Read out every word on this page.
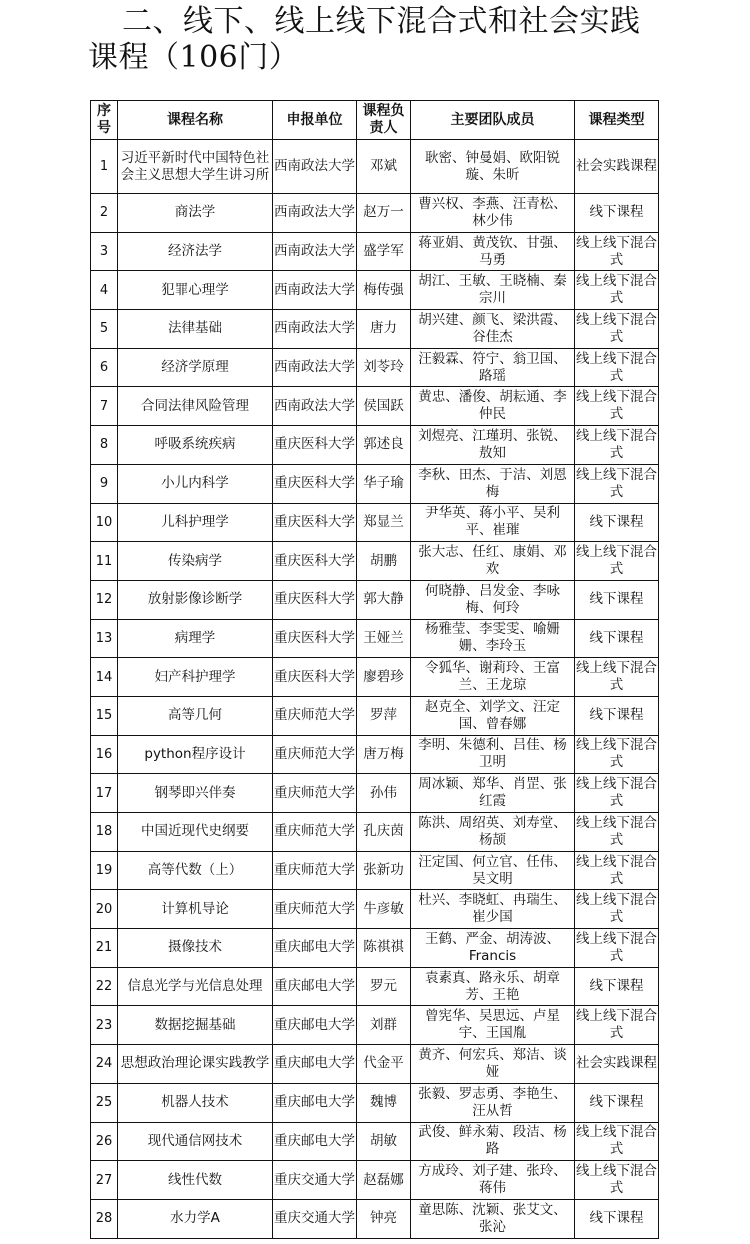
二、线下、线上线下混合式和社会实践
课程（106门）
序号	课程名称	申报单位	课程负责人	主要团队成员	课程类型
1	习近平新时代中国特色社会主义思想大学生讲习所	西南政法大学	邓斌	耿密、钟曼娟、欧阳锐璇、朱昕	社会实践课程
2	商法学	西南政法大学	赵万一	曹兴权、李燕、汪青松、林少伟	线下课程
3	经济法学	西南政法大学	盛学军	蒋亚娟、黄茂钦、甘强、马勇	线上线下混合式
4	犯罪心理学	西南政法大学	梅传强	胡江、王敏、王晓楠、秦宗川	线上线下混合式
5	法律基础	西南政法大学	唐力	胡兴建、颜飞、梁洪霞、谷佳杰	线上线下混合式
6	经济学原理	西南政法大学	刘苓玲	汪毅霖、符宁、翁卫国、路瑶	线上线下混合式
7	合同法律风险管理	西南政法大学	侯国跃	黄忠、潘俊、胡耘通、李仲民	线上线下混合式
8	呼吸系统疾病	重庆医科大学	郭述良	刘煜亮、江瑾玥、张锐、敖知	线上线下混合式
9	小儿内科学	重庆医科大学	华子瑜	李秋、田杰、于洁、刘恩梅	线上线下混合式
10	儿科护理学	重庆医科大学	郑显兰	尹华英、蒋小平、吴利平、崔璀	线下课程
11	传染病学	重庆医科大学	胡鹏	张大志、任红、康娟、邓欢	线上线下混合式
12	放射影像诊断学	重庆医科大学	郭大静	何晓静、吕发金、李咏梅、何玲	线下课程
13	病理学	重庆医科大学	王娅兰	杨雅莹、李雯雯、喻姗姗、李玲玉	线下课程
14	妇产科护理学	重庆医科大学	廖碧珍	令狐华、谢莉玲、王富兰、王龙琼	线上线下混合式
15	高等几何	重庆师范大学	罗萍	赵克全、刘学文、汪定国、曾春娜	线下课程
16	python程序设计	重庆师范大学	唐万梅	李明、朱德利、吕佳、杨卫明	线上线下混合式
17	钢琴即兴伴奏	重庆师范大学	孙伟	周冰颖、郑华、肖罡、张红霞	线上线下混合式
18	中国近现代史纲要	重庆师范大学	孔庆茵	陈洪、周绍英、刘寿堂、杨颉	线上线下混合式
19	高等代数（上）	重庆师范大学	张新功	汪定国、何立官、任伟、吴文明	线上线下混合式
20	计算机导论	重庆师范大学	牛彦敏	杜兴、李晓虹、冉瑞生、崔少国	线上线下混合式
21	摄像技术	重庆邮电大学	陈祺祺	王鹤、严金、胡涛波、Francis	线上线下混合式
22	信息光学与光信息处理	重庆邮电大学	罗元	袁素真、路永乐、胡章芳、王艳	线下课程
23	数据挖掘基础	重庆邮电大学	刘群	曾宪华、吴思远、卢星宇、王国胤	线上线下混合式
24	思想政治理论课实践教学	重庆邮电大学	代金平	黄齐、何宏兵、郑洁、谈娅	社会实践课程
25	机器人技术	重庆邮电大学	魏博	张毅、罗志勇、李艳生、汪从哲	线下课程
26	现代通信网技术	重庆邮电大学	胡敏	武俊、鲜永菊、段洁、杨路	线上线下混合式
27	线性代数	重庆交通大学	赵磊娜	方成玲、刘子建、张玲、蒋伟	线上线下混合式
28	水力学A	重庆交通大学	钟亮	童思陈、沈颖、张艾文、张沁	线下课程
